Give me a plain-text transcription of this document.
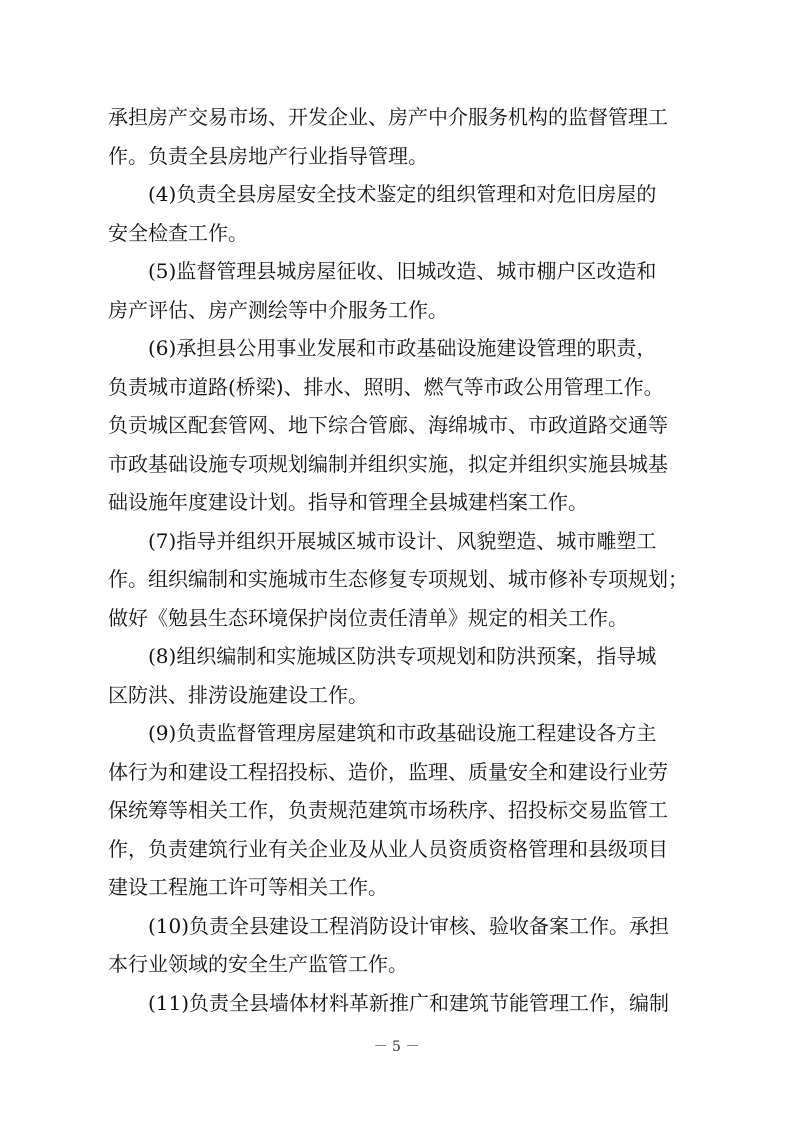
承担房产交易市场、开发企业、房产中介服务机构的监督管理工
作。负责全县房地产行业指导管理。
(4)负责全县房屋安全技术鉴定的组织管理和对危旧房屋的
安全检查工作。
(5)监督管理县城房屋征收、旧城改造、城市棚户区改造和
房产评估、房产测绘等中介服务工作。
(6)承担县公用事业发展和市政基础设施建设管理的职责，
负责城市道路(桥梁)、排水、照明、燃气等市政公用管理工作。
负贡城区配套管网、地下综合管廊、海绵城市、市政道路交通等
市政基础设施专项规划编制并组织实施，拟定并组织实施县城基
础设施年度建设计划。指导和管理全县城建档案工作。
(7)指导并组织开展城区城市设计、风貌塑造、城市雕塑工
作。组织编制和实施城市生态修复专项规划、城市修补专项规划；
做好《勉县生态环境保护岗位责任清单》规定的相关工作。
(8)组织编制和实施城区防洪专项规划和防洪预案，指导城
区防洪、排涝设施建设工作。
(9)负责监督管理房屋建筑和市政基础设施工程建设各方主
体行为和建设工程招投标、造价，监理、质量安全和建设行业劳
保统筹等相关工作，负责规范建筑市场秩序、招投标交易监管工
作，负责建筑行业有关企业及从业人员资质资格管理和县级项目
建设工程施工许可等相关工作。
(10)负责全县建设工程消防设计审核、验收备案工作。承担
本行业领域的安全生产监管工作。
(11)负责全县墙体材料革新推广和建筑节能管理工作，编制
－ 5 －
